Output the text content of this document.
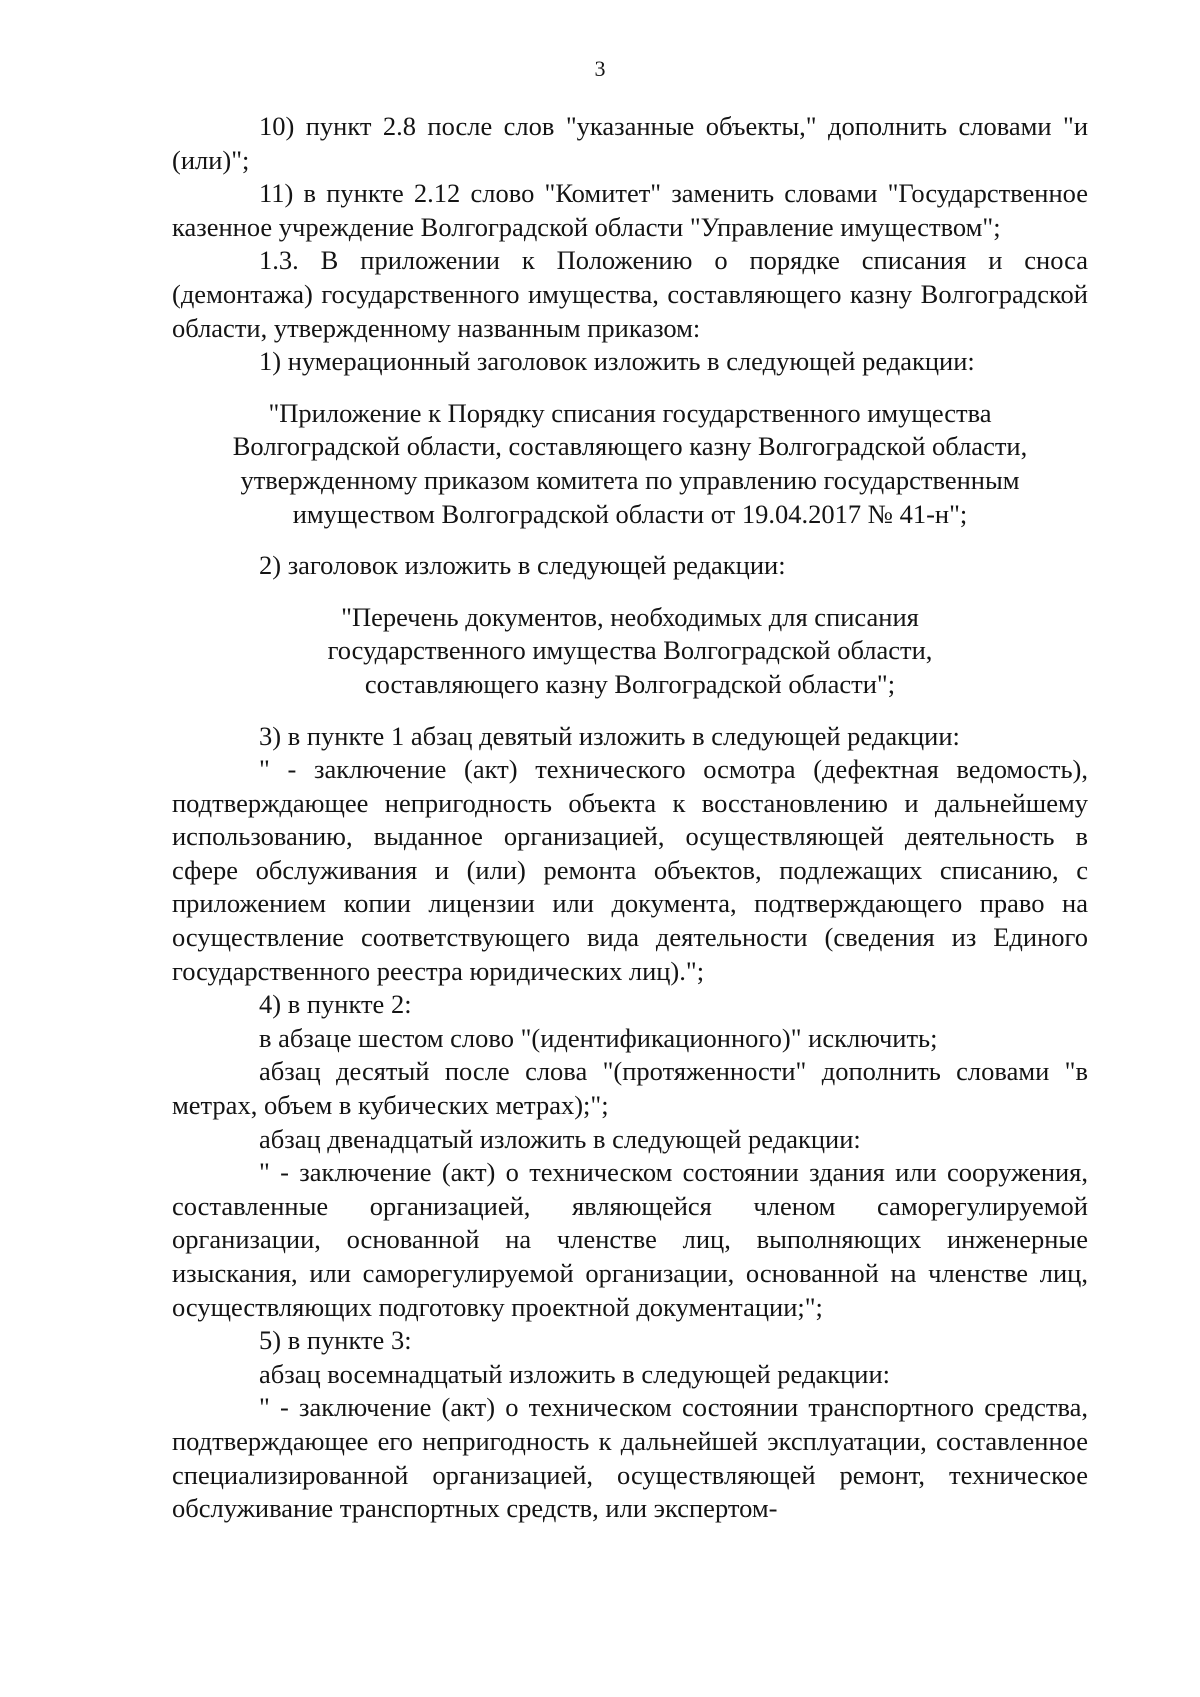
3

10) пункт 2.8 после слов "указанные объекты," дополнить словами "и (или)";

11) в пункте 2.12 слово "Комитет" заменить словами "Государственное казенное учреждение Волгоградской области "Управление имуществом";

1.3. В приложении к Положению о порядке списания и сноса (демонтажа) государственного имущества, составляющего казну Волгоградской области, утвержденному названным приказом:

1) нумерационный заголовок изложить в следующей редакции:

"Приложение к Порядку списания государственного имущества
Волгоградской области, составляющего казну Волгоградской области,
утвержденному приказом комитета по управлению государственным
имуществом Волгоградской области от 19.04.2017 № 41-н";

2) заголовок изложить в следующей редакции:

"Перечень документов, необходимых для списания
государственного имущества Волгоградской области,
составляющего казну Волгоградской области";

3) в пункте 1 абзац девятый изложить в следующей редакции:

" - заключение (акт) технического осмотра (дефектная ведомость), подтверждающее непригодность объекта к восстановлению и дальнейшему использованию, выданное организацией, осуществляющей деятельность в сфере обслуживания и (или) ремонта объектов, подлежащих списанию, с приложением копии лицензии или документа, подтверждающего право на осуществление соответствующего вида деятельности (сведения из Единого государственного реестра юридических лиц).";

4) в пункте 2:

в абзаце шестом слово "(идентификационного)" исключить;

абзац десятый после слова "(протяженности" дополнить словами "в метрах, объем в кубических метрах);";

абзац двенадцатый изложить в следующей редакции:

" - заключение (акт) о техническом состоянии здания или сооружения, составленные организацией, являющейся членом саморегулируемой организации, основанной на членстве лиц, выполняющих инженерные изыскания, или саморегулируемой организации, основанной на членстве лиц, осуществляющих подготовку проектной документации;";

5) в пункте 3:

абзац восемнадцатый изложить в следующей редакции:

" - заключение (акт) о техническом состоянии транспортного средства, подтверждающее его непригодность к дальнейшей эксплуатации, составленное специализированной организацией, осуществляющей ремонт, техническое обслуживание транспортных средств, или экспертом-
